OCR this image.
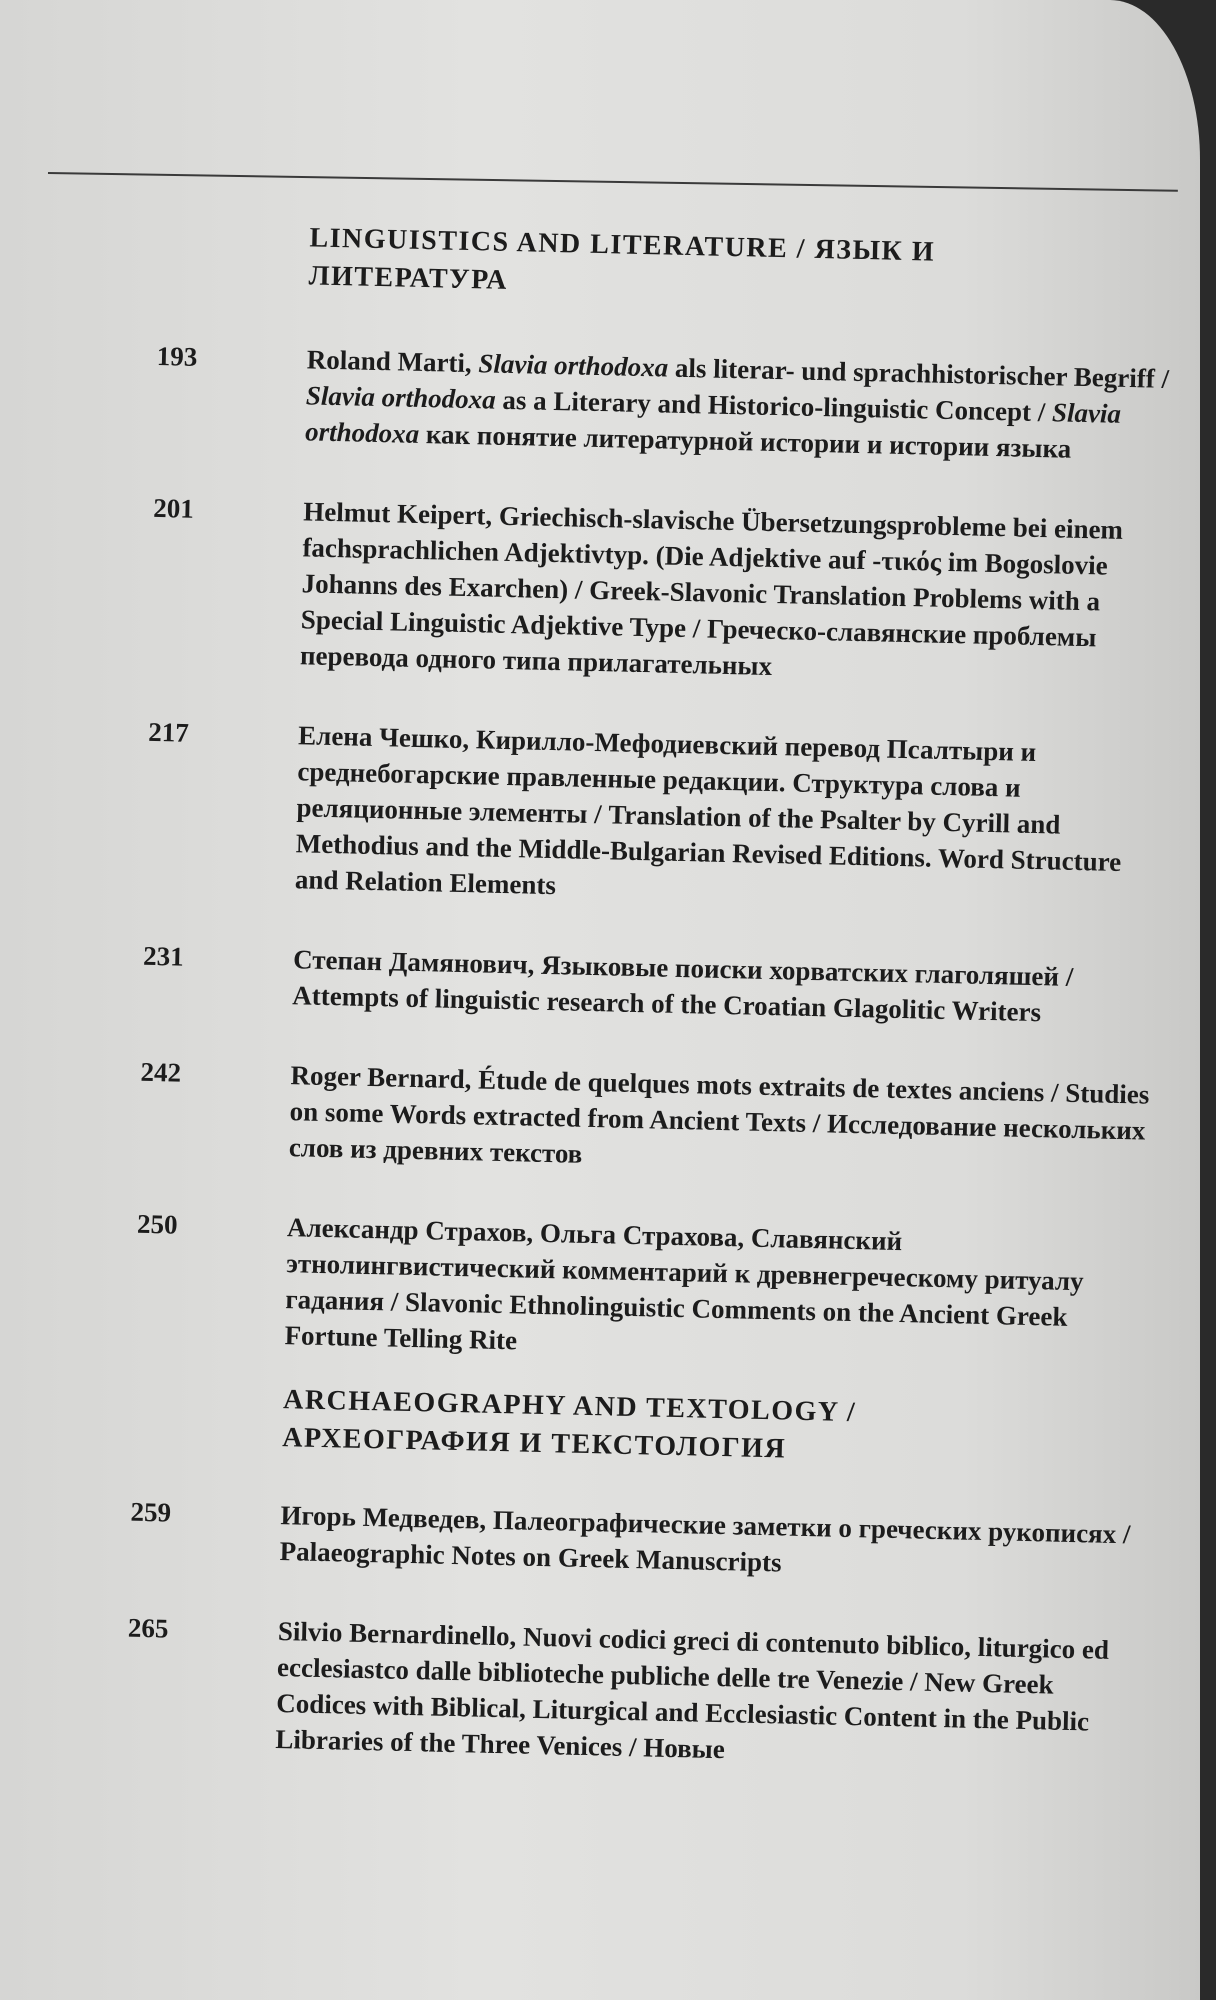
LINGUISTICS AND LITERATURE / ЯЗЫК И ЛИТЕРАТУРА
193	Roland Marti, Slavia orthodoxa als literar- und sprachhistorischer Begriff / Slavia orthodoxa as a Literary and Historico-linguistic Concept / Slavia orthodoxa как понятие литературной истории и истории языка
201	Helmut Keipert, Griechisch-slavische Übersetzungsprobleme bei einem fachsprachlichen Adjektivtyp. (Die Adjektive auf -τικός im Bogoslovie Johanns des Exarchen) / Greek-Slavonic Translation Problems with a Special Linguistic Adjektive Type / Греческо-славянские проблемы перевода одного типа прилагательных
217	Елена Чешко, Кирилло-Мефодиевский перевод Псалтыри и среднебогарские правленные редакции. Структура слова и реляционные элементы / Translation of the Psalter by Cyrill and Methodius and the Middle-Bulgarian Revised Editions. Word Structure and Relation Elements
231	Степан Дамянович, Языковые поиски хорватских глаголяшей / Attempts of linguistic research of the Croatian Glagolitic Writers
242	Roger Bernard, Étude de quelques mots extraits de textes anciens / Studies on some Words extracted from Ancient Texts / Исследование нескольких слов из древних текстов
250	Александр Страхов, Ольга Страхова, Славянский этнолингвистический комментарий к древнегреческому ритуалу гадания / Slavonic Ethnolinguistic Comments on the Ancient Greek Fortune Telling Rite
ARCHAEOGRAPHY AND TEXTOLOGY / АРХЕОГРАФИЯ И ТЕКСТОЛОГИЯ
259	Игорь Медведев, Палеографические заметки о греческих рукописях / Palaeographic Notes on Greek Manuscripts
265	Silvio Bernardinello, Nuovi codici greci di contenuto biblico, liturgico ed ecclesiastco dalle biblioteche publiche delle tre Venezie / New Greek Codices with Biblical, Liturgical and Ecclesiastic Content in the Public Libraries of the Three Venices / Новые
